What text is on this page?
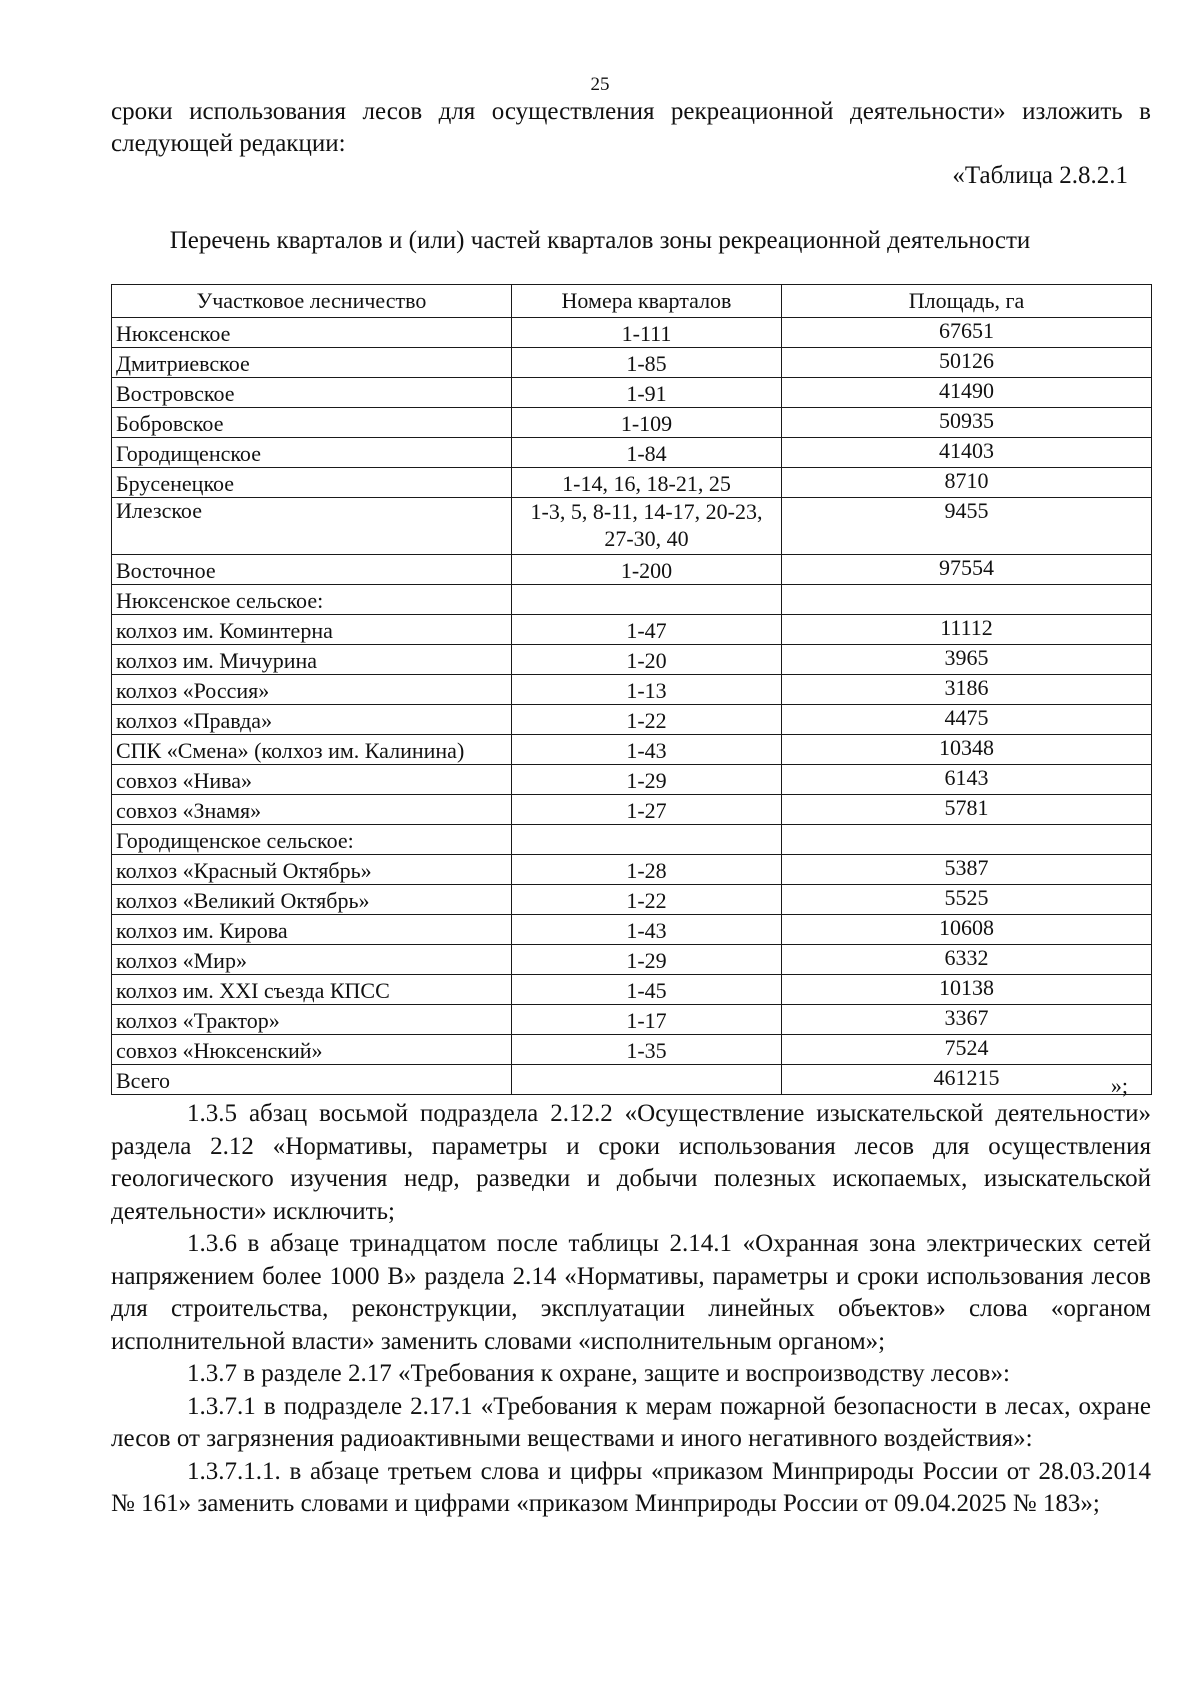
25
сроки использования лесов для осуществления рекреационной деятельности» изложить в следующей редакции:
«Таблица 2.8.2.1
Перечень кварталов и (или) частей кварталов зоны рекреационной деятельности
Участковое лесничество	Номера кварталов	Площадь, га
Нюксенское	1-111	67651
Дмитриевское	1-85	50126
Востровское	1-91	41490
Бобровское	1-109	50935
Городищенское	1-84	41403
Брусенецкое	1-14, 16, 18-21, 25	8710
Илезское	1-3, 5, 8-11, 14-17, 20-23, 27-30, 40	9455
Восточное	1-200	97554
Нюксенское сельское:		
колхоз им. Коминтерна	1-47	11112
колхоз им. Мичурина	1-20	3965
колхоз «Россия»	1-13	3186
колхоз «Правда»	1-22	4475
СПК «Смена» (колхоз им. Калинина)	1-43	10348
совхоз «Нива»	1-29	6143
совхоз «Знамя»	1-27	5781
Городищенское сельское:		
колхоз «Красный Октябрь»	1-28	5387
колхоз «Великий Октябрь»	1-22	5525
колхоз им. Кирова	1-43	10608
колхоз «Мир»	1-29	6332
колхоз им. XXI съезда КПСС	1-45	10138
колхоз «Трактор»	1-17	3367
совхоз «Нюксенский»	1-35	7524
Всего		461215	»;

1.3.5 абзац восьмой подраздела 2.12.2 «Осуществление изыскательской деятельности» раздела 2.12 «Нормативы, параметры и сроки использования лесов для осуществления геологического изучения недр, разведки и добычи полезных ископаемых, изыскательской деятельности» исключить;

1.3.6 в абзаце тринадцатом после таблицы 2.14.1 «Охранная зона электрических сетей напряжением более 1000 В» раздела 2.14 «Нормативы, параметры и сроки использования лесов для строительства, реконструкции, эксплуатации линейных объектов» слова «органом исполнительной власти» заменить словами «исполнительным органом»;

1.3.7 в разделе 2.17 «Требования к охране, защите и воспроизводству лесов»:

1.3.7.1 в подразделе 2.17.1 «Требования к мерам пожарной безопасности в лесах, охране лесов от загрязнения радиоактивными веществами и иного негативного воздействия»:

1.3.7.1.1. в абзаце третьем слова и цифры «приказом Минприроды России от 28.03.2014 № 161» заменить словами и цифрами «приказом Минприроды России от 09.04.2025 № 183»;
